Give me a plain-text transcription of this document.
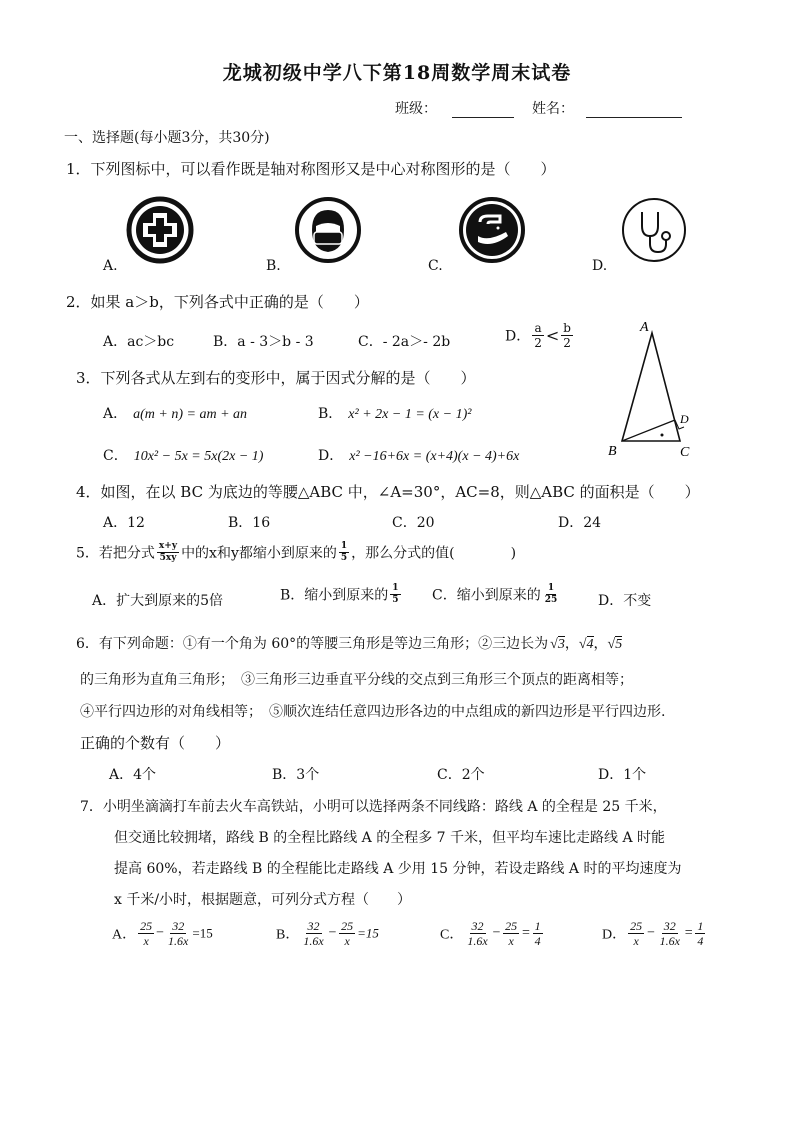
龙城初级中学八下第18周数学周末试卷
班级：	姓名：
一、选择题(每小题3分，共30分)
1．下列图标中，可以看作既是轴对称图形又是中心对称图形的是（　　）
A.	B.	C.	D.
2．如果 a＞b，下列各式中正确的是（　　）
A．ac＞bc	B．a - 3＞b - 3	C．- 2a＞- 2b	D． $\frac{a}{2} < \frac{b}{2}$	A
B	C
D
3．下列各式从左到右的变形中，属于因式分解的是（　　）
A． a(m + n) = am + an	B． x² + 2x − 1 = (x − 1)²
C． 10x² − 5x = 5x(2x − 1)	D． x² −16+6x = (x+4)(x − 4)+6x
4．如图，在以 BC 为底边的等腰△ABC 中，∠A=30°，AC=8，则△ABC 的面积是（　　）
A．12	B．16	C．20	D．24
5．若把分式 $\frac{x+y}{5xy}$ 中的x和y都缩小到原来的 $\frac{1}{5}$ ，那么分式的值(　　　　)
A．扩大到原来的5倍	B．缩小到原来的 $\frac{1}{5}$ C．缩小到原来的 $\frac{1}{25}$	D．不变
6．有下列命题：①有一个角为 60°的等腰三角形是等边三角形；②三边长为 √3，√4，√5
的三角形为直角三角形；　③三角形三边垂直平分线的交点到三角形三个顶点的距离相等；
④平行四边形的对角线相等；　⑤顺次连结任意四边形各边的中点组成的新四边形是平行四边形.
正确的个数有（　　）
A．4个	B．3个	C．2个	D．1个
7．小明坐滴滴打车前去火车高铁站，小明可以选择两条不同线路：路线 A 的全程是 25 千米，
但交通比较拥堵，路线 B 的全程比路线 A 的全程多 7 千米，但平均车速比走路线 A 时能
提高 60%，若走路线 B 的全程能比走路线 A 少用 15 分钟，若设走路线 A 时的平均速度为
x 千米/小时，根据题意，可列分式方程（　　）
A． $\frac{25}{x} - \frac{32}{1.6x} =15$	B． $\frac{32}{1.6x} - \frac{25}{x} =15$	C． $\frac{32}{1.6x} - \frac{25}{x} = \frac{1}{4}$	D． $\frac{25}{x} - \frac{32}{1.6x} = \frac{1}{4}$
